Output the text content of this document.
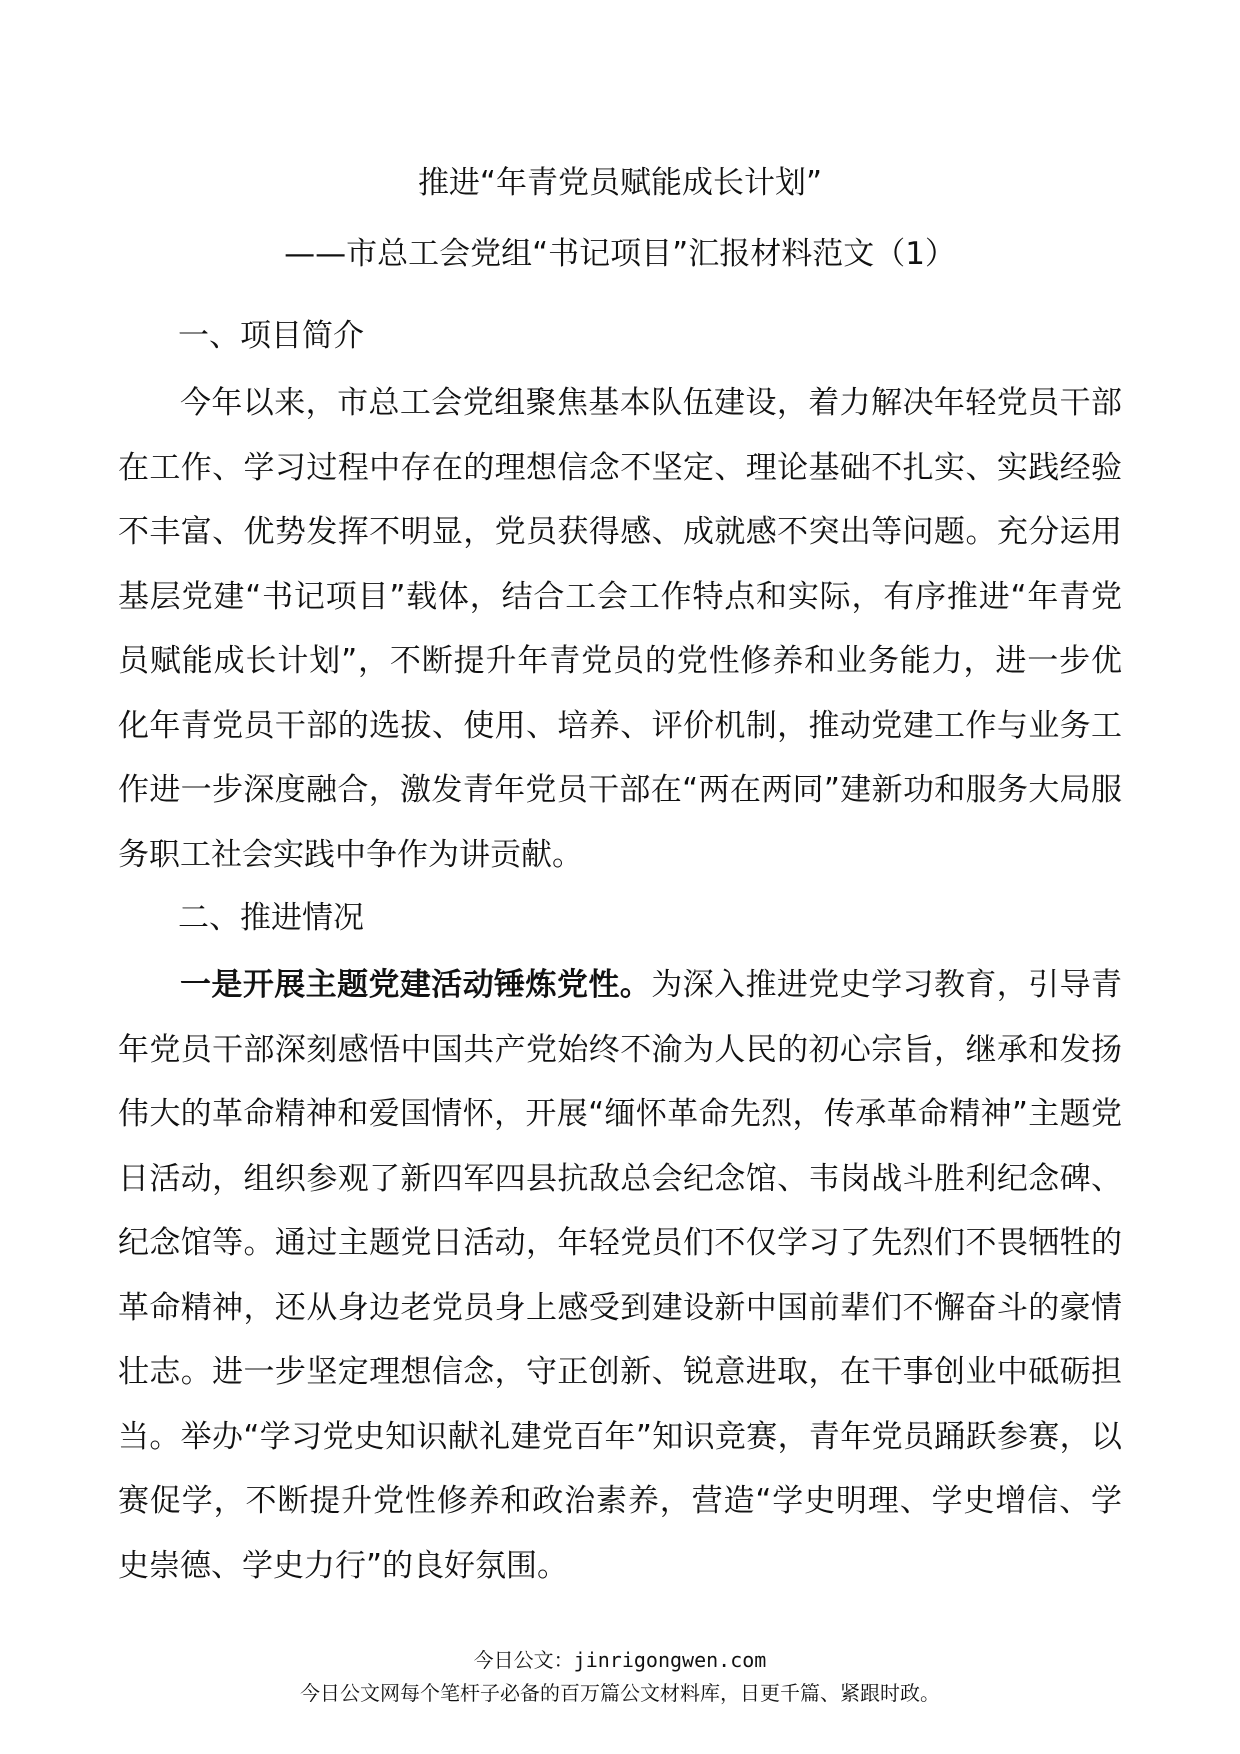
推进“年青党员赋能成长计划”
——市总工会党组“书记项目”汇报材料范文（1）
一、项目简介

今年以来，市总工会党组聚焦基本队伍建设，着力解决年轻党员干部在工作、学习过程中存在的理想信念不坚定、理论基础不扎实、实践经验不丰富、优势发挥不明显，党员获得感、成就感不突出等问题。充分运用基层党建“书记项目”载体，结合工会工作特点和实际，有序推进“年青党员赋能成长计划”，不断提升年青党员的党性修养和业务能力，进一步优化年青党员干部的选拔、使用、培养、评价机制，推动党建工作与业务工作进一步深度融合，激发青年党员干部在“两在两同”建新功和服务大局服务职工社会实践中争作为讲贡献。

二、推进情况

一是开展主题党建活动锤炼党性。为深入推进党史学习教育，引导青年党员干部深刻感悟中国共产党始终不渝为人民的初心宗旨，继承和发扬伟大的革命精神和爱国情怀，开展“缅怀革命先烈，传承革命精神”主题党日活动，组织参观了新四军四县抗敌总会纪念馆、韦岗战斗胜利纪念碑、纪念馆等。通过主题党日活动，年轻党员们不仅学习了先烈们不畏牺牲的革命精神，还从身边老党员身上感受到建设新中国前辈们不懈奋斗的豪情壮志。进一步坚定理想信念，守正创新、锐意进取，在干事创业中砥砺担当。举办“学习党史知识献礼建党百年”知识竞赛，青年党员踊跃参赛，以赛促学，不断提升党性修养和政治素养，营造“学史明理、学史增信、学史崇德、学史力行”的良好氛围。

今日公文：jinrigongwen.com
今日公文网每个笔杆子必备的百万篇公文材料库，日更千篇、紧跟时政。
